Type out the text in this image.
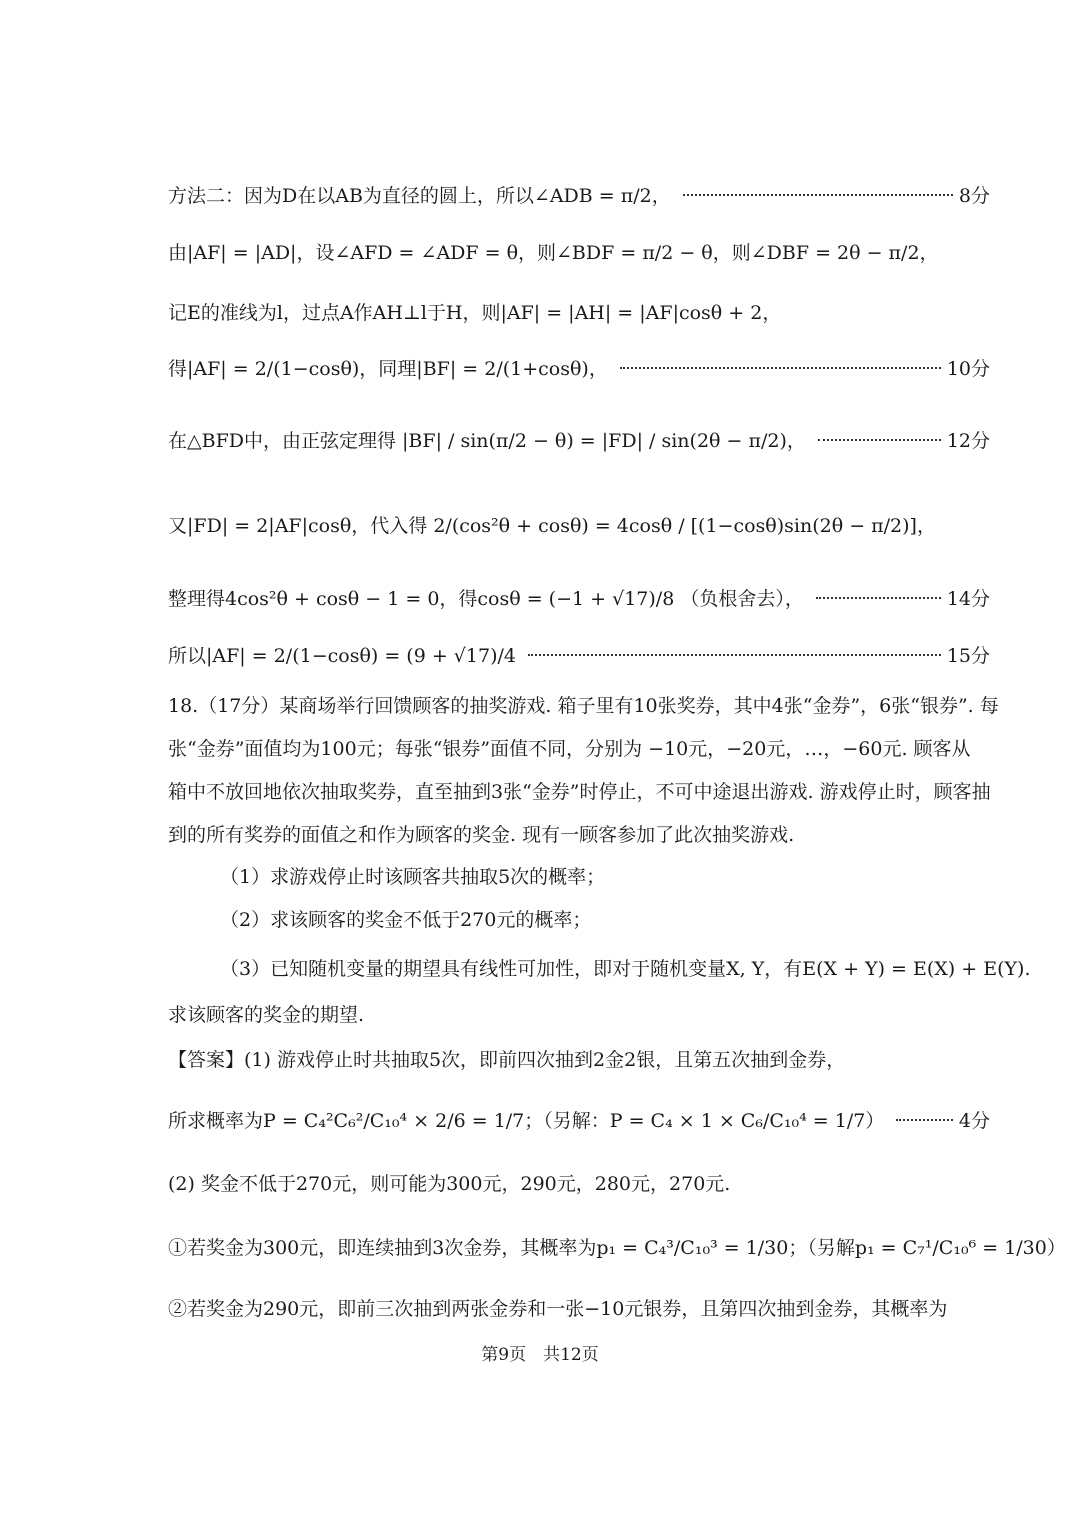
方法二：因为D在以AB为直径的圆上，所以∠ADB = π/2，	8分
由|AF| = |AD|，设∠AFD = ∠ADF = θ，则∠BDF = π/2 − θ，则∠DBF = 2θ − π/2，
记E的准线为l，过点A作AH⊥l于H，则|AF| = |AH| = |AF|cosθ + 2，
得|AF| = 2/(1−cosθ)，同理|BF| = 2/(1+cosθ)，	10分
在△BFD中，由正弦定理得 |BF| / sin(π/2 − θ) = |FD| / sin(2θ − π/2)，	12分
又|FD| = 2|AF|cosθ，代入得 2/(cos²θ + cosθ) = 4cosθ / [(1−cosθ)sin(2θ − π/2)]，
整理得4cos²θ + cosθ − 1 = 0，得cosθ = (−1 + √17)/8 （负根舍去），	14分
所以|AF| = 2/(1−cosθ) = (9 + √17)/4	15分
18.（17分）某商场举行回馈顾客的抽奖游戏. 箱子里有10张奖券，其中4张“金券”，6张“银券”. 每
张“金券”面值均为100元；每张“银券”面值不同，分别为 −10元，−20元，…，−60元. 顾客从
箱中不放回地依次抽取奖券，直至抽到3张“金券”时停止，不可中途退出游戏. 游戏停止时，顾客抽
到的所有奖券的面值之和作为顾客的奖金. 现有一顾客参加了此次抽奖游戏.
（1）求游戏停止时该顾客共抽取5次的概率；
（2）求该顾客的奖金不低于270元的概率；
（3）已知随机变量的期望具有线性可加性，即对于随机变量X, Y，有E(X + Y) = E(X) + E(Y).
求该顾客的奖金的期望.
【答案】(1) 游戏停止时共抽取5次，即前四次抽到2金2银，且第五次抽到金券，
所求概率为P = C₄²C₆²/C₁₀⁴ × 2/6 = 1/7；（另解：P = C₄ × 1 × C₆/C₁₀⁴ = 1/7）	4分
(2) 奖金不低于270元，则可能为300元，290元，280元，270元.
①若奖金为300元，即连续抽到3次金券，其概率为p₁ = C₄³/C₁₀³ = 1/30；（另解p₁ = C₇¹/C₁₀⁶ = 1/30）
②若奖金为290元，即前三次抽到两张金券和一张−10元银券，且第四次抽到金券，其概率为
第9页　共12页
